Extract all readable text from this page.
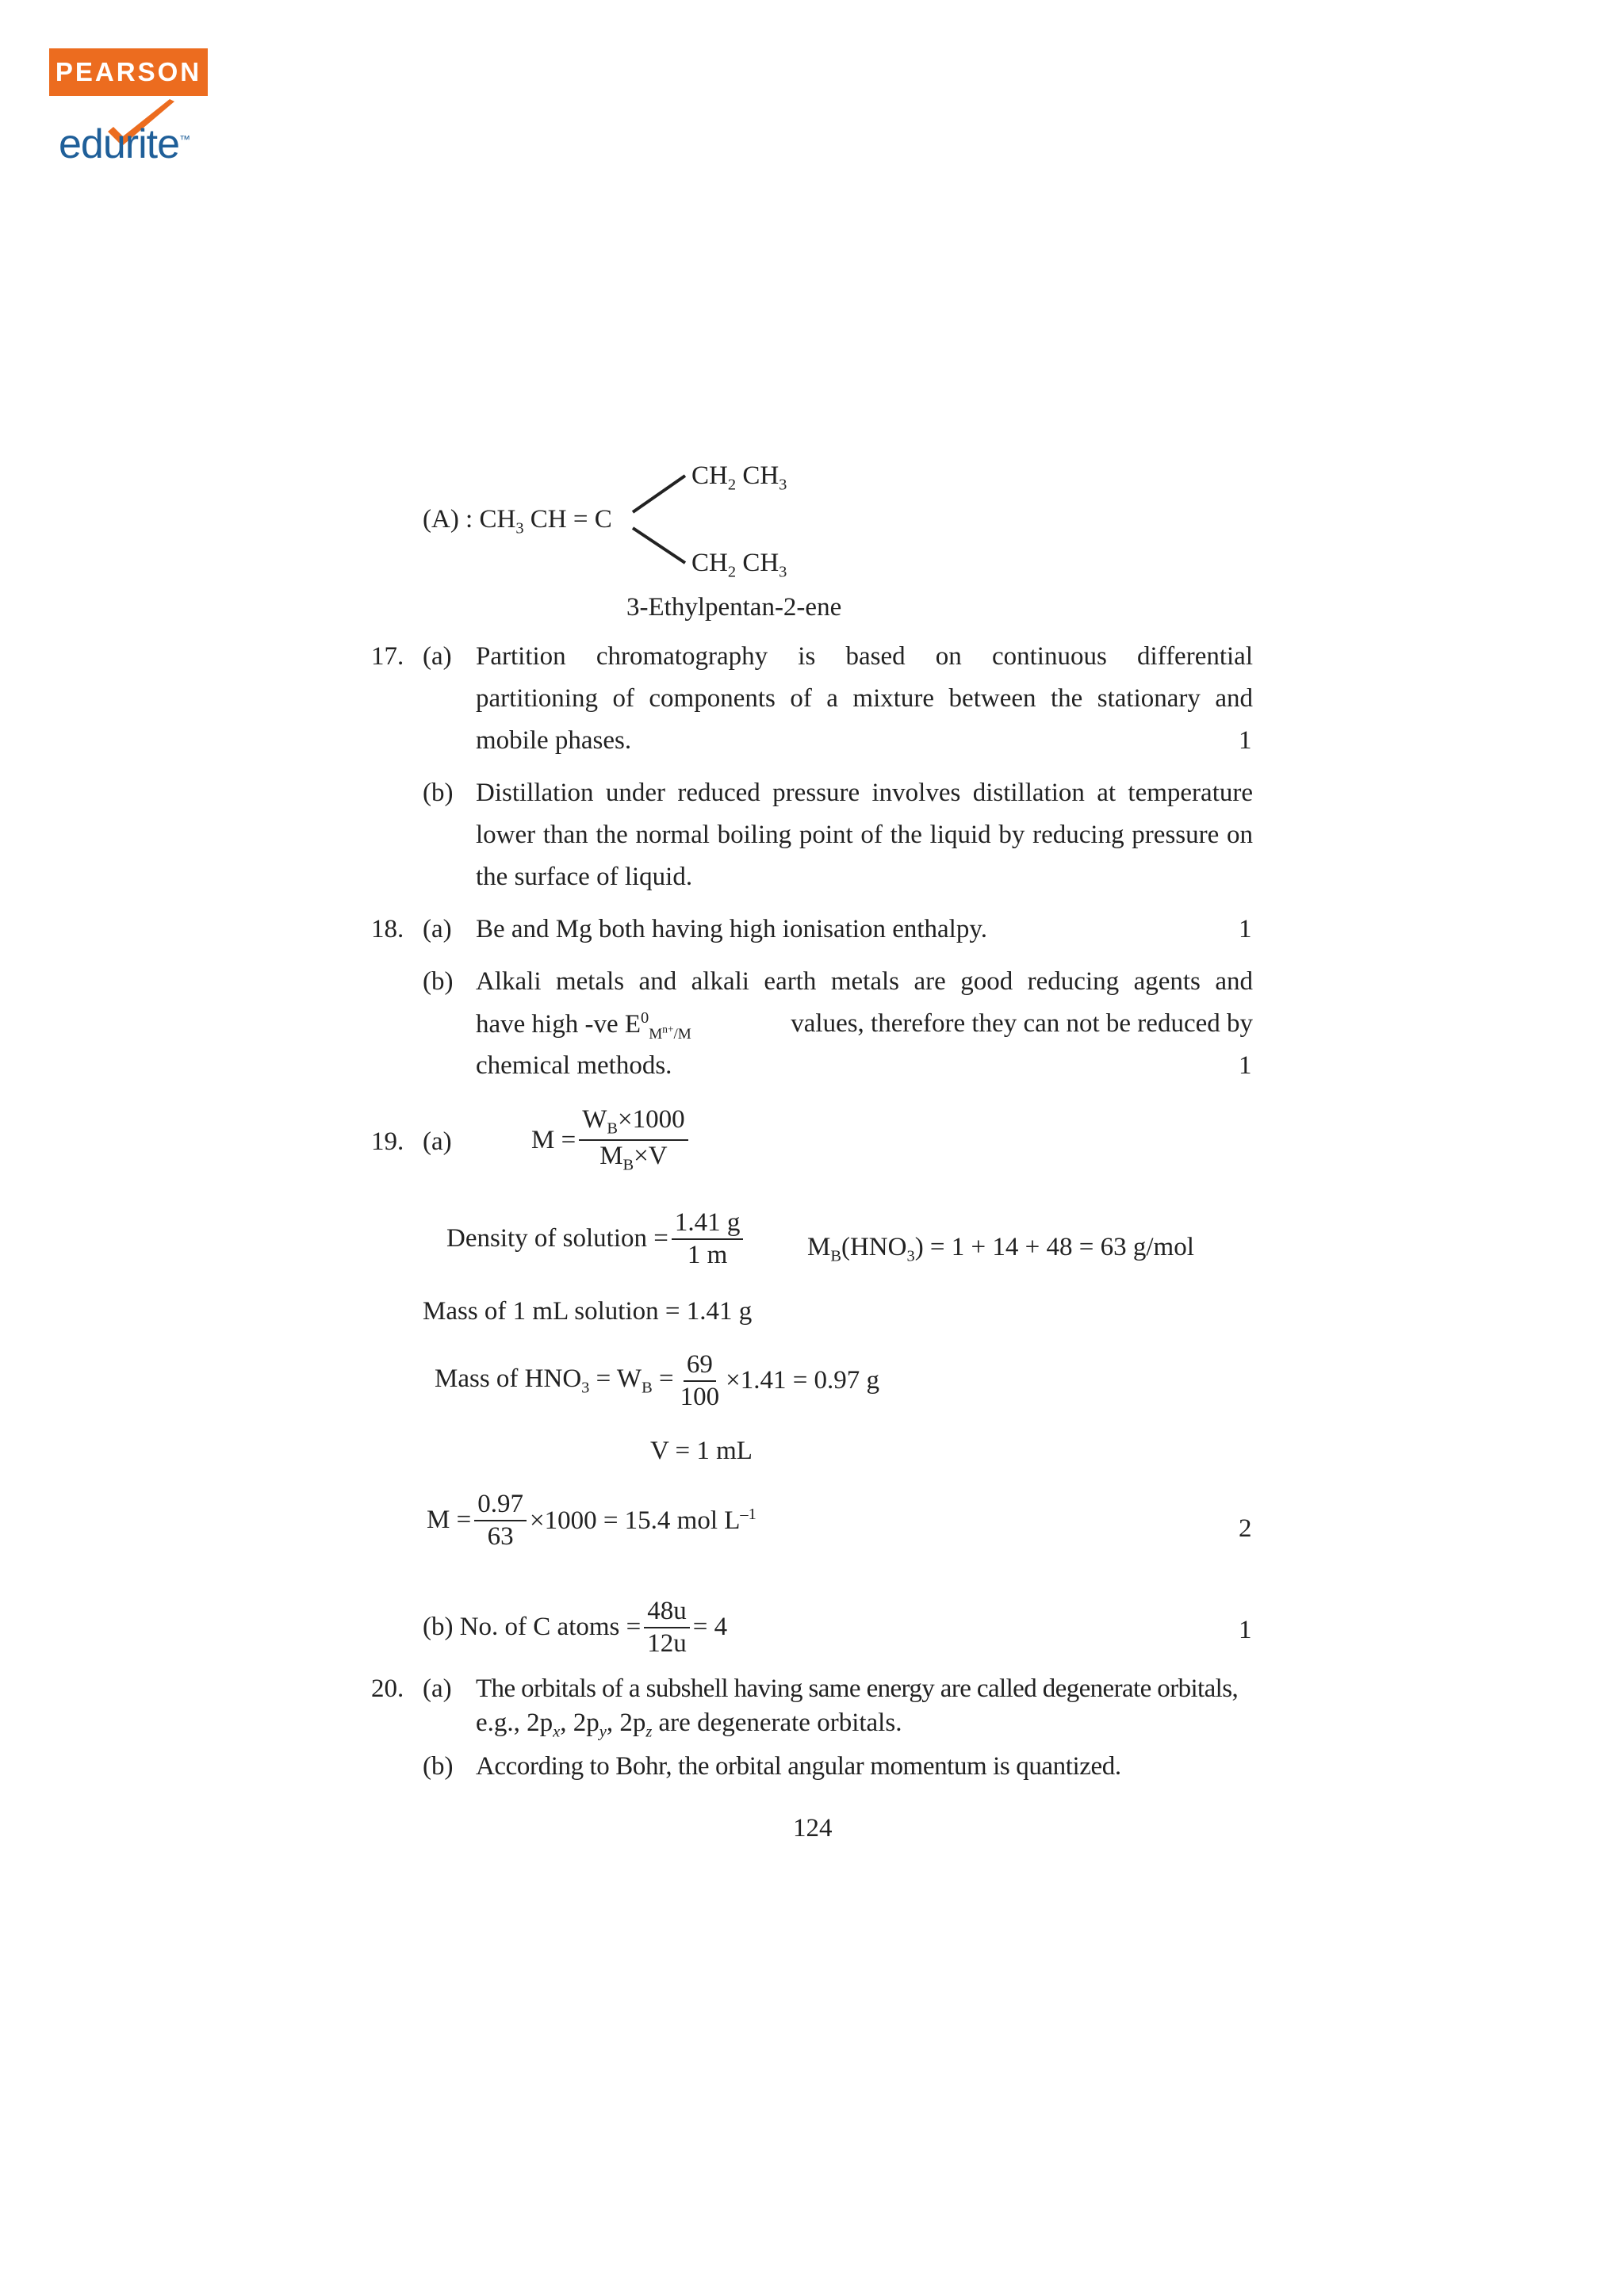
PEARSON
edurite™
(A) : $CH_3$ CH = C
$CH_2$ $CH_3$
$CH_2$ $CH_3$
3-Ethylpentan-2-ene
17. (a) Partition chromatography is based on continuous differential
partitioning of components of a mixture between the stationary and
mobile phases.	1
(b) Distillation under reduced pressure involves distillation at temperature
lower than the normal boiling point of the liquid by reducing pressure on
the surface of liquid.
18. (a) Be and Mg both having high ionisation enthalpy.	1
(b) Alkali metals and alkali earth metals are good reducing agents and
have high -ve $E^0_{M^{n+}/M}$	values, therefore they can not be reduced by
chemical methods.	1
19. (a)	$M = \frac{W_B\times 1000}{M_B\times V}$
Density of solution = $\frac{1.41 g}{1 m} M_B(HNO_3) = 1 + 14 + 48 = 63$ g/mol
Mass of 1 mL solution = 1.41 g
Mass of $HNO_3 = W_B = \frac{69}{100} \times 1.41 = 0.97$ g
V = 1 mL
$M = \frac{0.97}{63} \times 1000 = 15.4$ mol $L^{-1}$
2
(b) No. of C atoms = $\frac{48u}{12u} = 4$	1
20. (a) The orbitals of a subshell having same energy are called degenerate orbitals,
e.g., $2p_x$, $2p_y$, $2p_z$ are degenerate orbitals.
(b) According to Bohr, the orbital angular momentum is quantized.
124
